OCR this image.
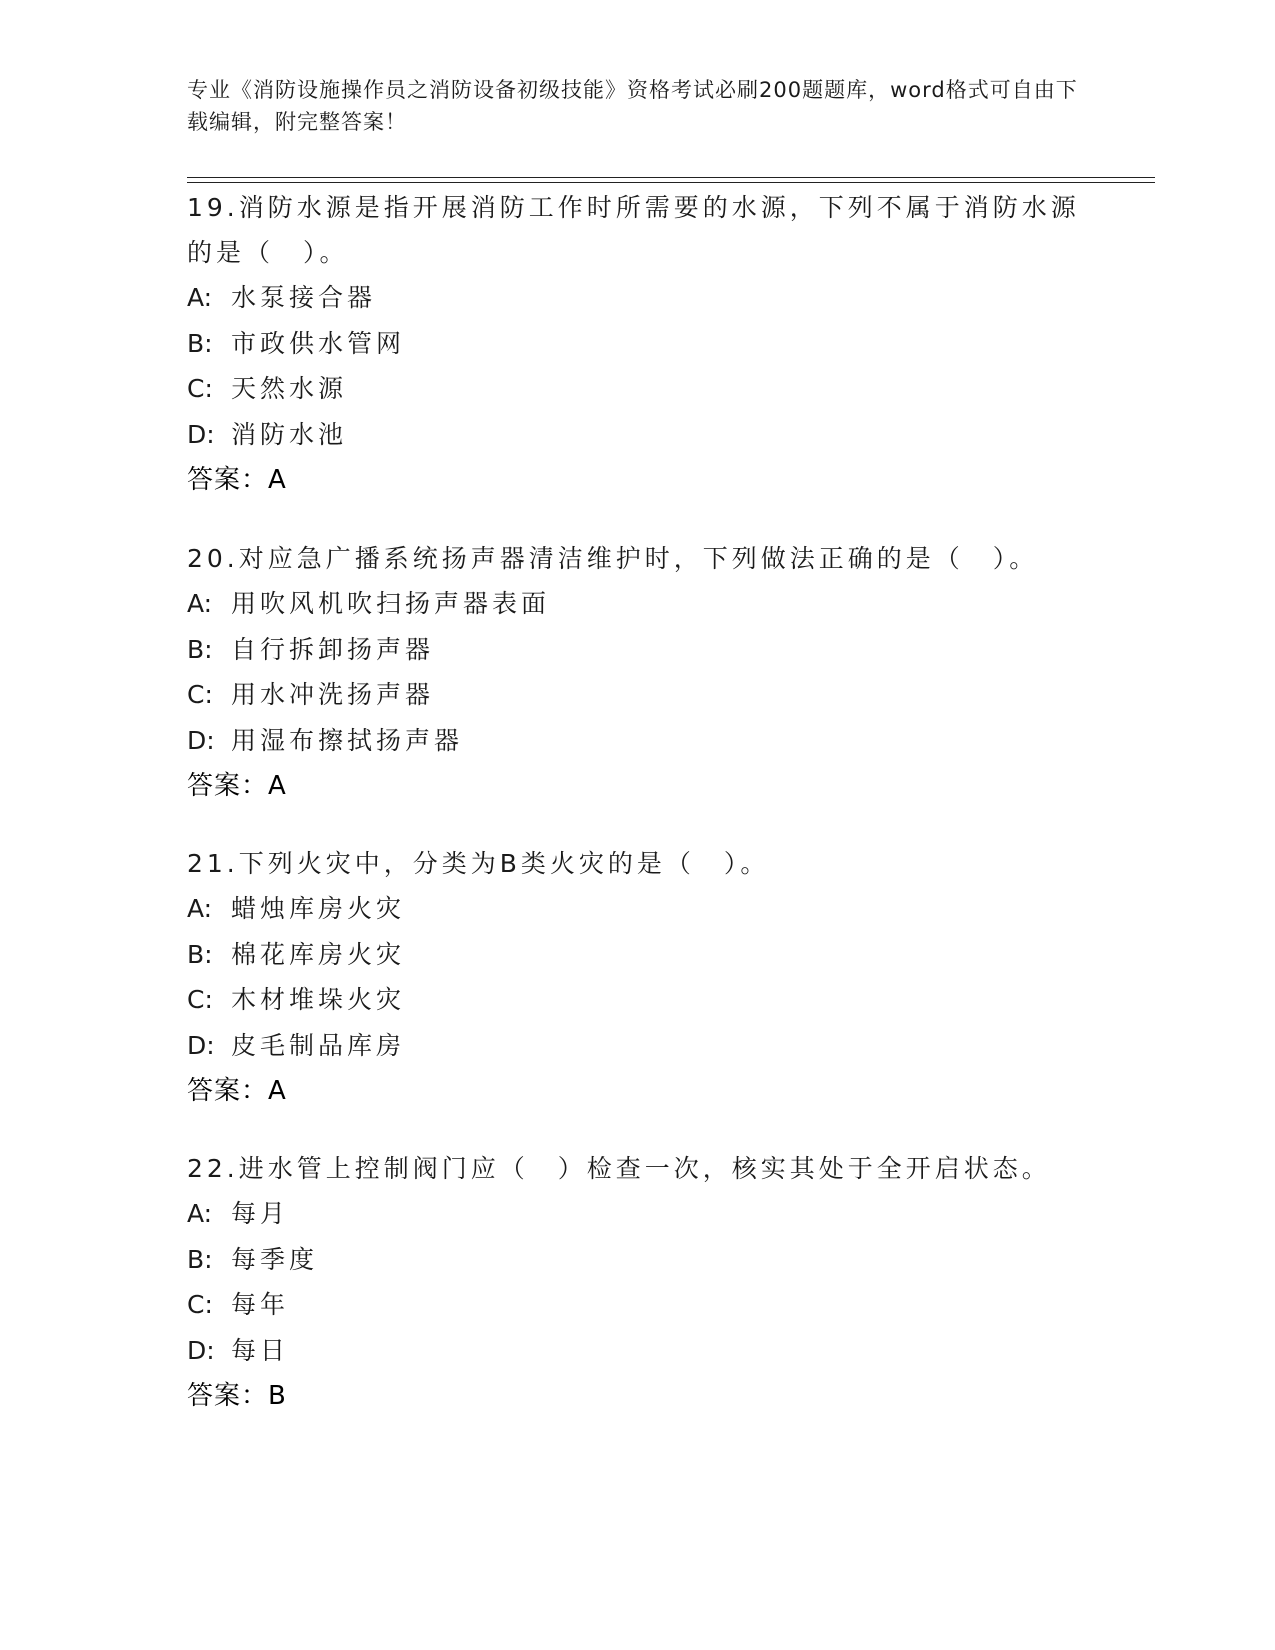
专业《消防设施操作员之消防设备初级技能》资格考试必刷200题题库，word格式可自由下载编辑，附完整答案！

19.消防水源是指开展消防工作时所需要的水源，下列不属于消防水源的是（　）。

A: 水泵接合器

B: 市政供水管网

C: 天然水源

D: 消防水池

答案：A

20.对应急广播系统扬声器清洁维护时，下列做法正确的是（　）。

A: 用吹风机吹扫扬声器表面

B: 自行拆卸扬声器

C: 用水冲洗扬声器

D: 用湿布擦拭扬声器

答案：A

21.下列火灾中，分类为B类火灾的是（　）。

A: 蜡烛库房火灾

B: 棉花库房火灾

C: 木材堆垛火灾

D: 皮毛制品库房

答案：A

22.进水管上控制阀门应（　）检查一次，核实其处于全开启状态。

A: 每月

B: 每季度

C: 每年

D: 每日

答案：B
